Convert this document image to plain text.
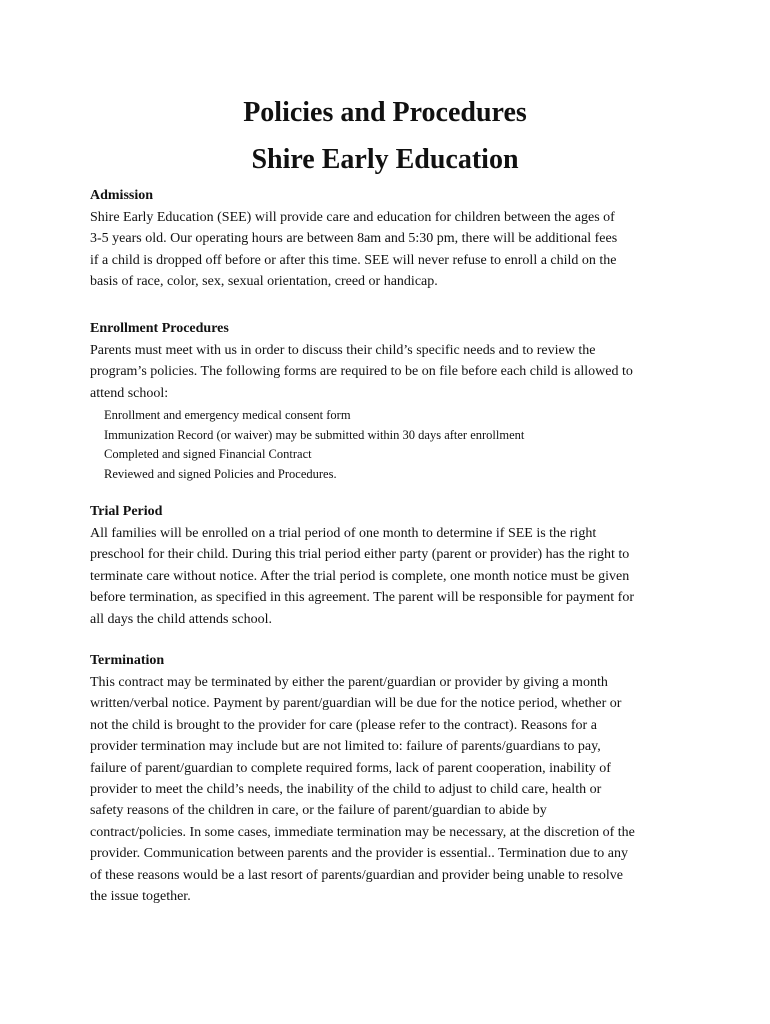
Policies and Procedures
Shire Early Education
Admission

Shire Early Education (SEE) will provide care and education for children between the ages of
3-5 years old. Our operating hours are between 8am and 5:30 pm, there will be additional fees
if a child is dropped off before or after this time. SEE will never refuse to enroll a child on the
basis of race, color, sex, sexual orientation, creed or handicap.

Enrollment Procedures

Parents must meet with us in order to discuss their child’s specific needs and to review the
program’s policies. The following forms are required to be on file before each child is allowed to
attend school:

Enrollment and emergency medical consent form
Immunization Record (or waiver) may be submitted within 30 days after enrollment
Completed and signed Financial Contract
Reviewed and signed Policies and Procedures.
Trial Period

All families will be enrolled on a trial period of one month to determine if SEE is the right
preschool for their child. During this trial period either party (parent or provider) has the right to
terminate care without notice. After the trial period is complete, one month notice must be given
before termination, as specified in this agreement. The parent will be responsible for payment for
all days the child attends school.

Termination

This contract may be terminated by either the parent/guardian or provider by giving a month
written/verbal notice. Payment by parent/guardian will be due for the notice period, whether or
not the child is brought to the provider for care (please refer to the contract). Reasons for a
provider termination may include but are not limited to: failure of parents/guardians to pay,
failure of parent/guardian to complete required forms, lack of parent cooperation, inability of
provider to meet the child’s needs, the inability of the child to adjust to child care, health or
safety reasons of the children in care, or the failure of parent/guardian to abide by
contract/policies. In some cases, immediate termination may be necessary, at the discretion of the
provider. Communication between parents and the provider is essential.. Termination due to any
of these reasons would be a last resort of parents/guardian and provider being unable to resolve
the issue together.
